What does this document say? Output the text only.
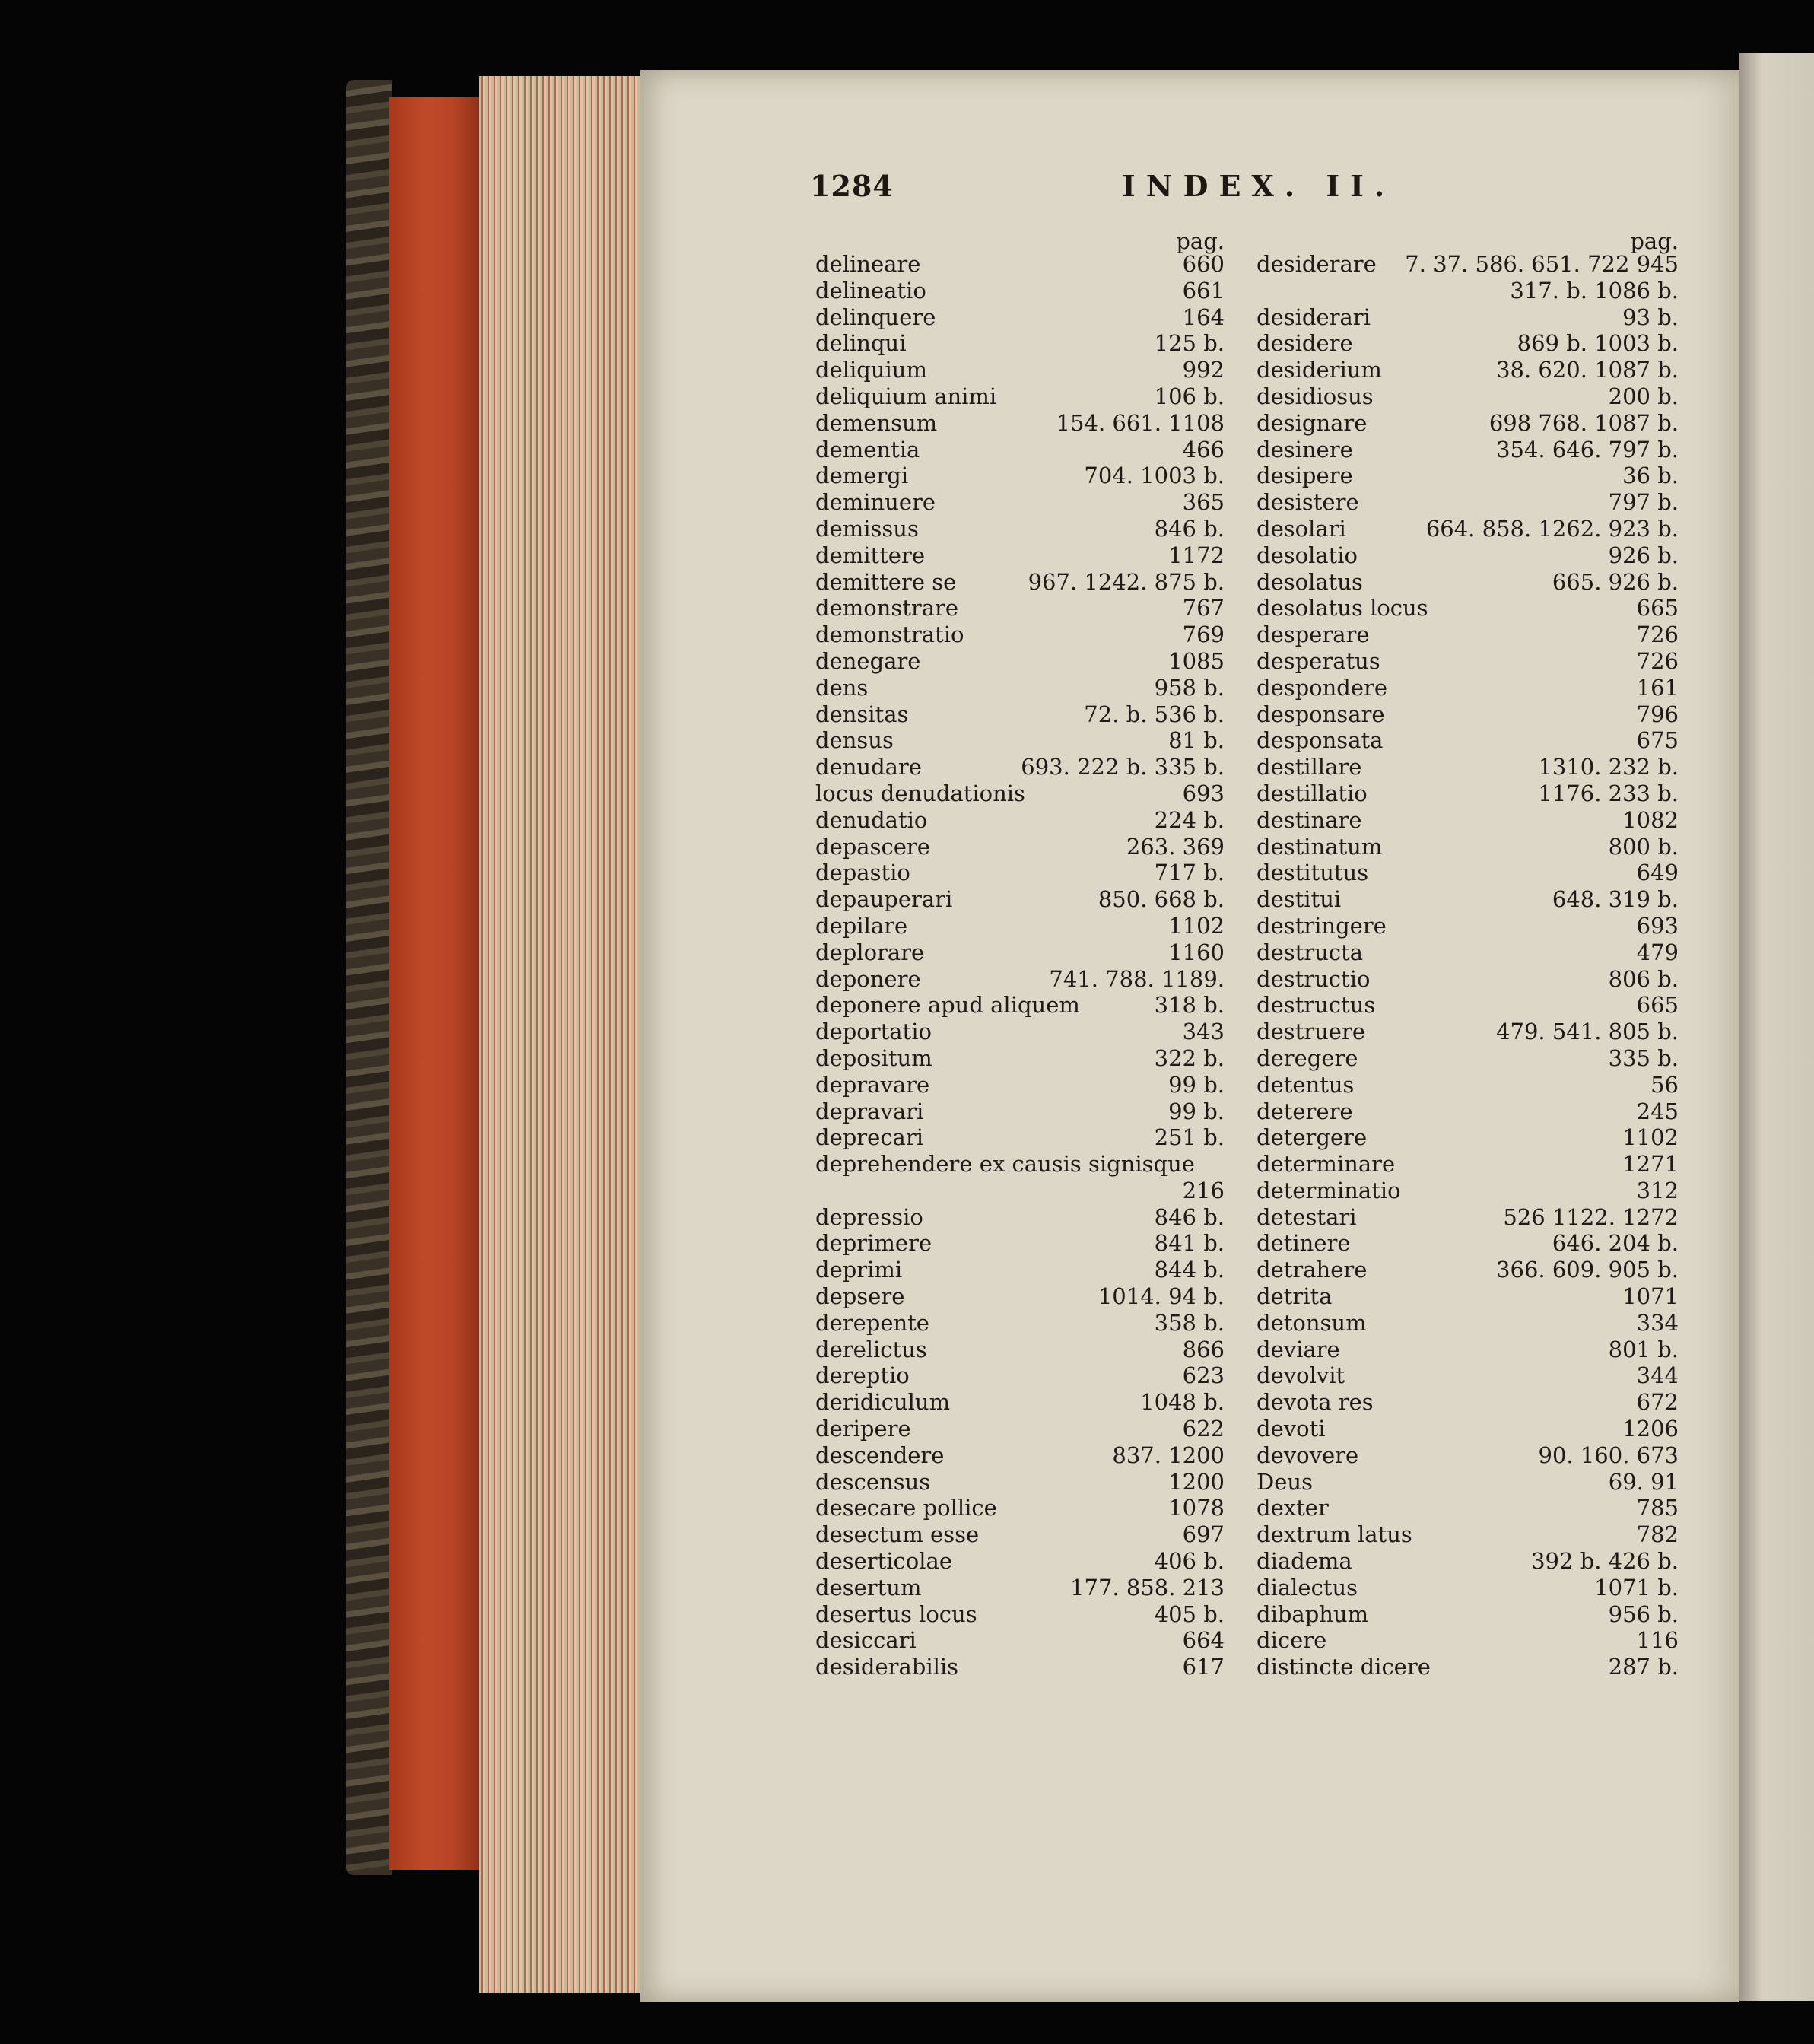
1284	INDEX. II.
pag.
delineare	660
delineatio	661
delinquere	164
delinqui	125 b.
deliquium	992
deliquium animi	106 b.
demensum	154. 661. 1108
dementia	466
demergi	704. 1003 b.
deminuere	365
demissus	846 b.
demittere	1172
demittere se	967. 1242. 875 b.
demonstrare	767
demonstratio	769
denegare	1085
dens	958 b.
densitas	72. b. 536 b.
densus	81 b.
denudare	693. 222 b. 335 b.
locus denudationis	693
denudatio	224 b.
depascere	263. 369
depastio	717 b.
depauperari	850. 668 b.
depilare	1102
deplorare	1160
deponere	741. 788. 1189.
deponere apud aliquem	318 b.
deportatio	343
depositum	322 b.
depravare	99 b.
depravari	99 b.
deprecari	251 b.
deprehendere ex causis signisque
216
depressio	846 b.
deprimere	841 b.
deprimi	844 b.
depsere	1014. 94 b.
derepente	358 b.
derelictus	866
dereptio	623
deridiculum	1048 b.
deripere	622
descendere	837. 1200
descensus	1200
desecare pollice	1078
desectum esse	697
deserticolae	406 b.
desertum	177. 858. 213
desertus locus	405 b.
desiccari	664
desiderabilis	617
pag.
desiderare 7. 37. 586. 651. 722 945
317. b. 1086 b.
desiderari	93 b.
desidere	869 b. 1003 b.
desiderium	38. 620. 1087 b.
desidiosus	200 b.
designare	698 768. 1087 b.
desinere	354. 646. 797 b.
desipere	36 b.
desistere	797 b.
desolari	664. 858. 1262. 923 b.
desolatio	926 b.
desolatus	665. 926 b.
desolatus locus	665
desperare	726
desperatus	726
despondere	161
desponsare	796
desponsata	675
destillare	1310. 232 b.
destillatio	1176. 233 b.
destinare	1082
destinatum	800 b.
destitutus	649
destitui	648. 319 b.
destringere	693
destructa	479
destructio	806 b.
destructus	665
destruere	479. 541. 805 b.
deregere	335 b.
detentus	56
deterere	245
detergere	1102
determinare	1271
determinatio	312
detestari	526 1122. 1272
detinere	646. 204 b.
detrahere	366. 609. 905 b.
detrita	1071
detonsum	334
deviare	801 b.
devolvit	344
devota res	672
devoti	1206
devovere	90. 160. 673
Deus	69. 91
dexter	785
dextrum latus	782
diadema	392 b. 426 b.
dialectus	1071 b.
dibaphum	956 b.
dicere	116
distincte dicere	287 b.
